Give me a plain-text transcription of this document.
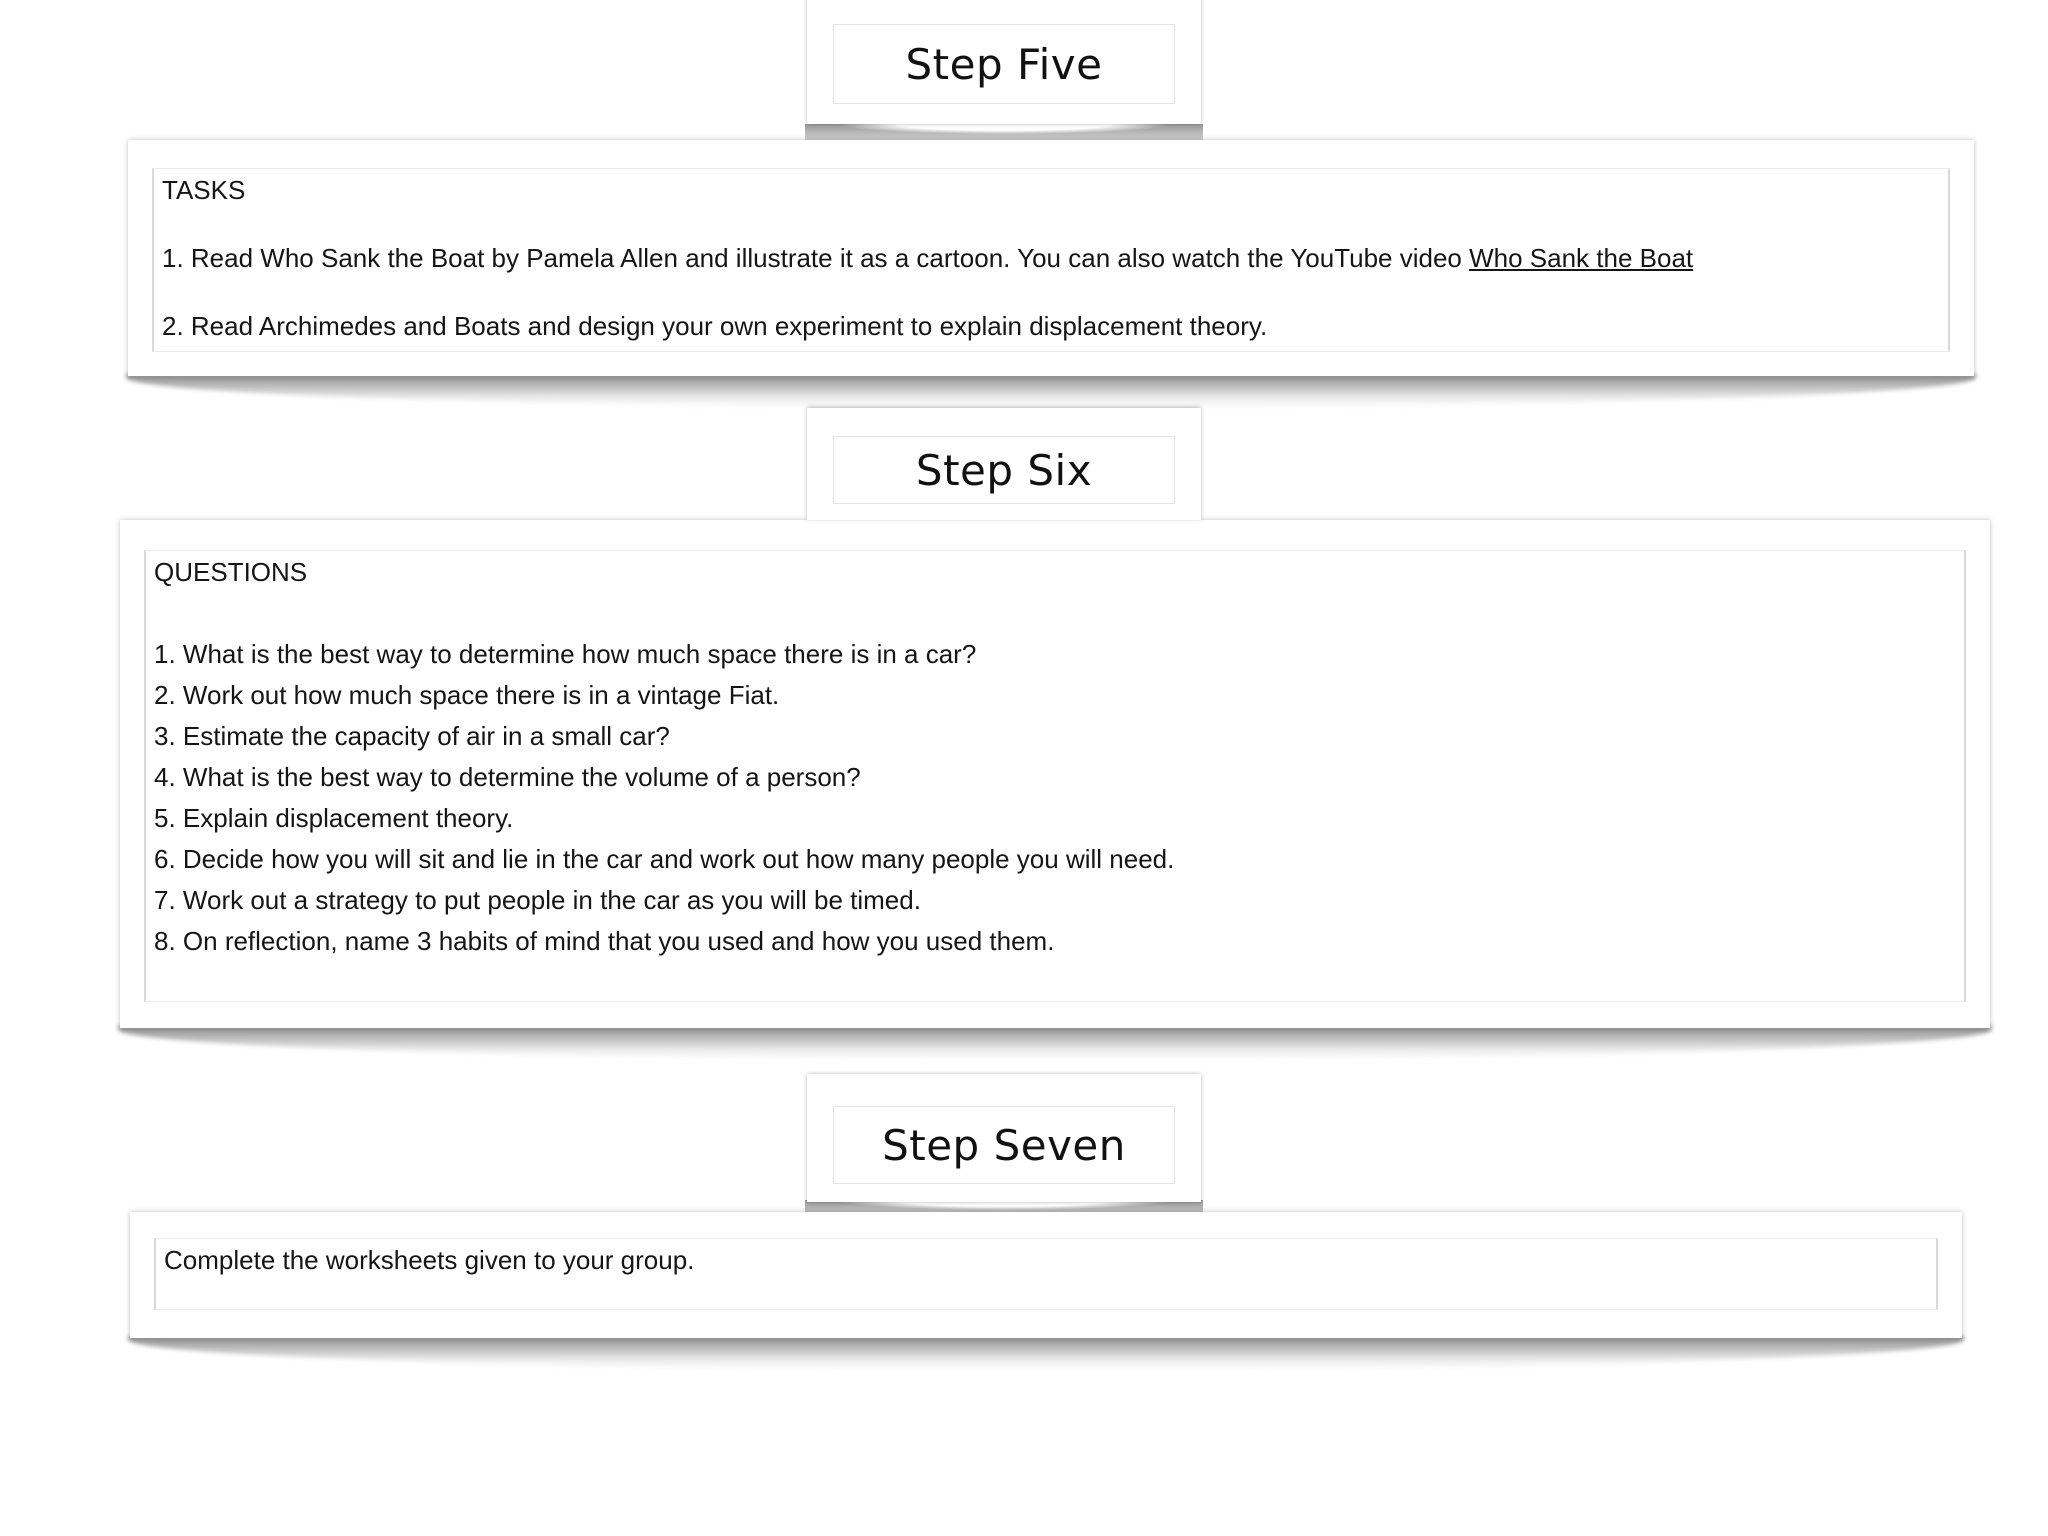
Step Five
TASKS
1. Read Who Sank the Boat by Pamela Allen and illustrate it as a cartoon. You can also watch the YouTube video Who Sank the Boat
2. Read Archimedes and Boats and design your own experiment to explain displacement theory.
Step Six
QUESTIONS
1. What is the best way to determine how much space there is in a car?
2. Work out how much space there is in a vintage Fiat.
3. Estimate the capacity of air in a small car?
4. What is the best way to determine the volume of a person?
5. Explain displacement theory.
6. Decide how you will sit and lie in the car and work out how many people you will need.
7. Work out a strategy to put people in the car as you will be timed.
8. On reflection, name 3 habits of mind that you used and how you used them.
Step Seven
Complete the worksheets given to your group.
